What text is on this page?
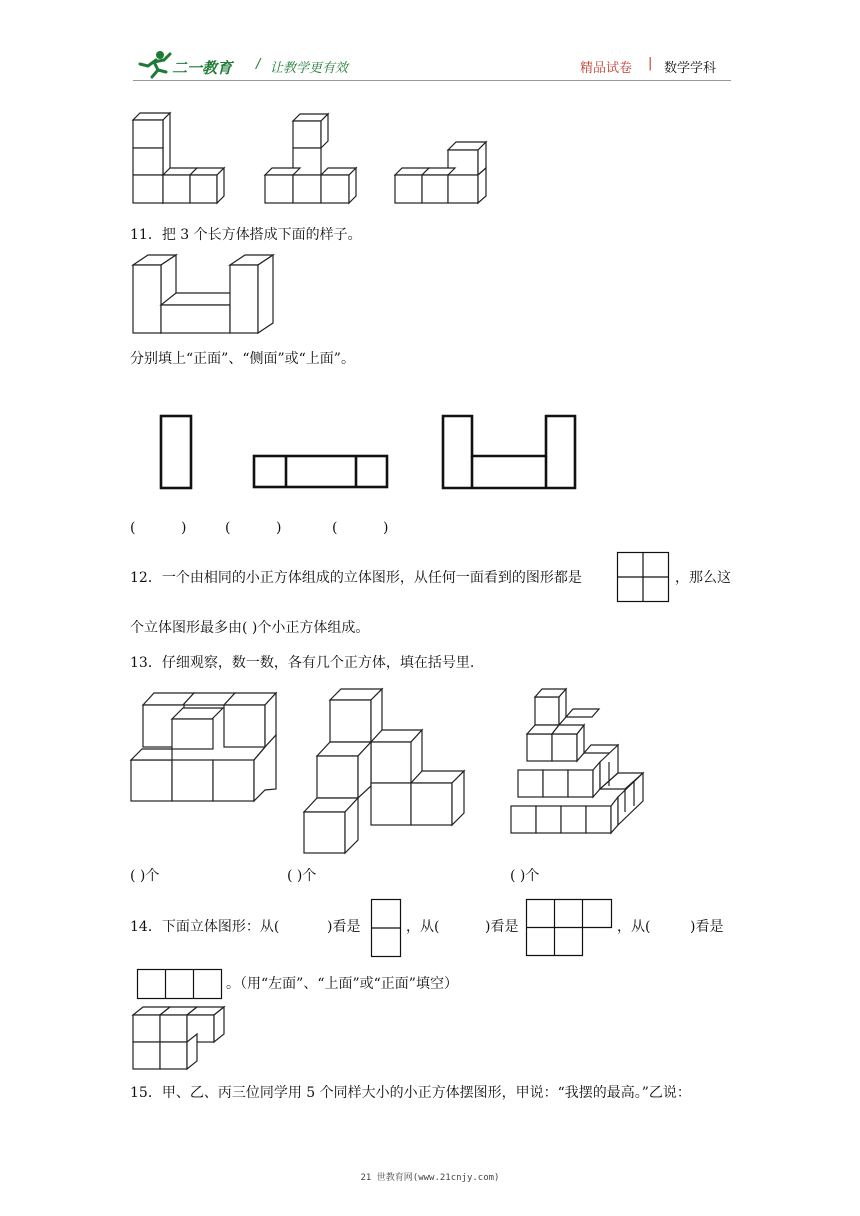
二一教育 / 让教学更有效	精品试卷 | 数学学科
11．把 3 个长方体搭成下面的样子。
分别填上“正面”、“侧面”或“上面”。
(	)	(	)	(	)
12．一个由相同的小正方体组成的立体图形，从任何一面看到的图形都是	，那么这
个立体图形最多由( )个小正方体组成。
13．仔细观察，数一数，各有几个正方体，填在括号里.
( )个	( )个	( )个
14．下面立体图形：从(	)看是	，从(	)看是	，从(	)看是
。（用“左面”、“上面”或“正面”填空）
15．甲、乙、丙三位同学用 5 个同样大小的小正方体摆图形，甲说：“我摆的最高。”乙说：
21 世教育网(www.21cnjy.com)
